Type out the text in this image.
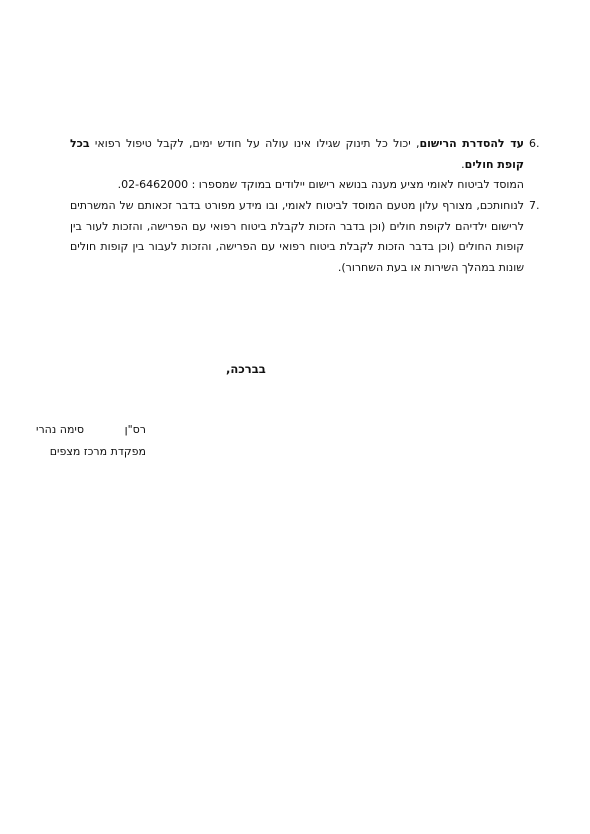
6.
עד להסדרת הרישום, יכול כל תינוק שגילו אינו עולה על חודש ימים, לקבל טיפול רפואי בכל קופת חולים.
המוסד לביטוח לאומי מציע מענה בנושא רישום יילודים במוקד שמספרו : 02-6462000.
7.
לנוחותכם, מצורף עלון מטעם המוסד לביטוח לאומי, ובו מידע מפורט בדבר זכאותם של המשרתים לרישום ילדיהם לקופת חולים (וכן בדבר הזכות לקבלת ביטוח רפואי עם הפרישה, והזכות לעור בין קופות החולים (וכן בדבר הזכות לקבלת ביטוח רפואי עם הפרישה, והזכות לעבור בין קופות חולים שונות במהלך השירות או בעת השחרור).
בברכה,
רס"ן
סימה נהרי
מפקדת מרכז מצפים
